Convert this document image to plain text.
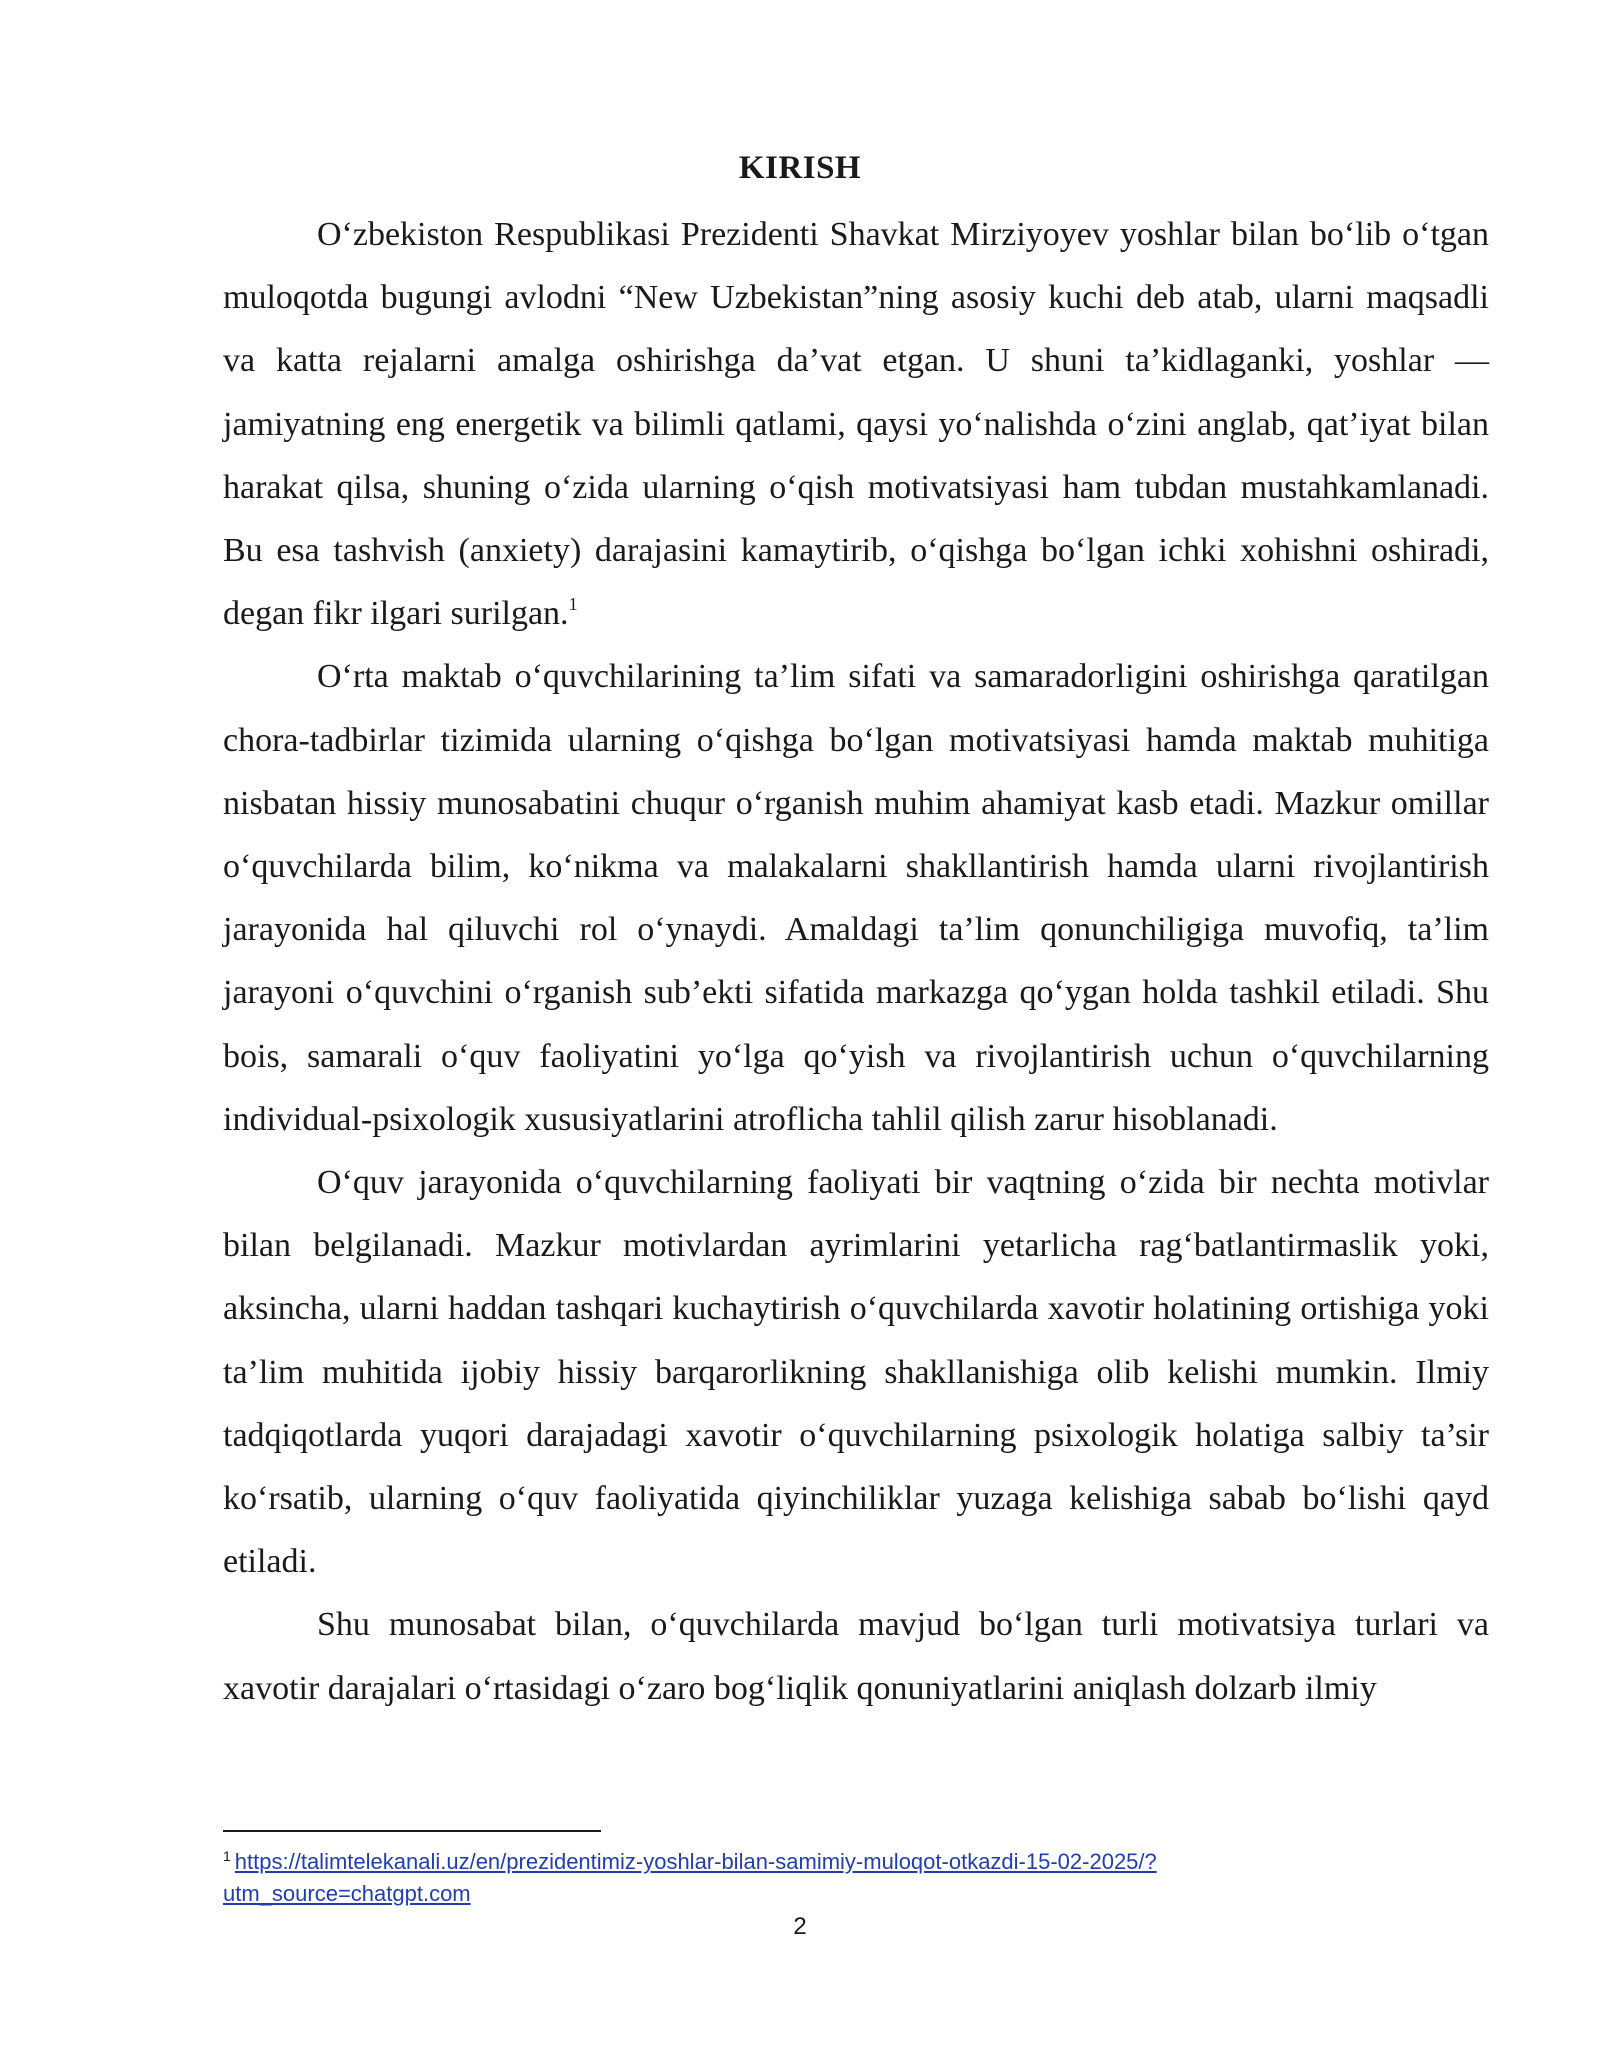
KIRISH

O‘zbekiston Respublikasi Prezidenti Shavkat Mirziyoyev yoshlar bilan bo‘lib o‘tgan muloqotda bugungi avlodni “New Uzbekistan”ning asosiy kuchi deb atab, ularni maqsadli va katta rejalarni amalga oshirishga da’vat etgan. U shuni ta’kidlaganki, yoshlar — jamiyatning eng energetik va bilimli qatlami, qaysi yo‘nalishda o‘zini anglab, qat’iyat bilan harakat qilsa, shuning o‘zida ularning o‘qish motivatsiyasi ham tubdan mustahkamlanadi. Bu esa tashvish (anxiety) darajasini kamaytirib, o‘qishga bo‘lgan ichki xohishni oshiradi, degan fikr ilgari surilgan.$^1$

O‘rta maktab o‘quvchilarining ta’lim sifati va samaradorligini oshirishga qaratilgan chora-tadbirlar tizimida ularning o‘qishga bo‘lgan motivatsiyasi hamda maktab muhitiga nisbatan hissiy munosabatini chuqur o‘rganish muhim ahamiyat kasb etadi. Mazkur omillar o‘quvchilarda bilim, ko‘nikma va malakalarni shakllantirish hamda ularni rivojlantirish jarayonida hal qiluvchi rol o‘ynaydi. Amaldagi ta’lim qonunchiligiga muvofiq, ta’lim jarayoni o‘quvchini o‘rganish sub’ekti sifatida markazga qo‘ygan holda tashkil etiladi. Shu bois, samarali o‘quv faoliyatini yo‘lga qo‘yish va rivojlantirish uchun o‘quvchilarning individual-psixologik xususiyatlarini atroflicha tahlil qilish zarur hisoblanadi.

O‘quv jarayonida o‘quvchilarning faoliyati bir vaqtning o‘zida bir nechta motivlar bilan belgilanadi. Mazkur motivlardan ayrimlarini yetarlicha rag‘batlantirmaslik yoki, aksincha, ularni haddan tashqari kuchaytirish o‘quvchilarda xavotir holatining ortishiga yoki ta’lim muhitida ijobiy hissiy barqarorlikning shakllanishiga olib kelishi mumkin. Ilmiy tadqiqotlarda yuqori darajadagi xavotir o‘quvchilarning psixologik holatiga salbiy ta’sir ko‘rsatib, ularning o‘quv faoliyatida qiyinchiliklar yuzaga kelishiga sabab bo‘lishi qayd etiladi.

Shu munosabat bilan, o‘quvchilarda mavjud bo‘lgan turli motivatsiya turlari va xavotir darajalari o‘rtasidagi o‘zaro bog‘liqlik qonuniyatlarini aniqlash dolzarb ilmiy

$^1$ https://talimtelekanali.uz/en/prezidentimiz-yoshlar-bilan-samimiy-muloqot-otkazdi-15-02-2025/?utm_source=chatgpt.com
2
